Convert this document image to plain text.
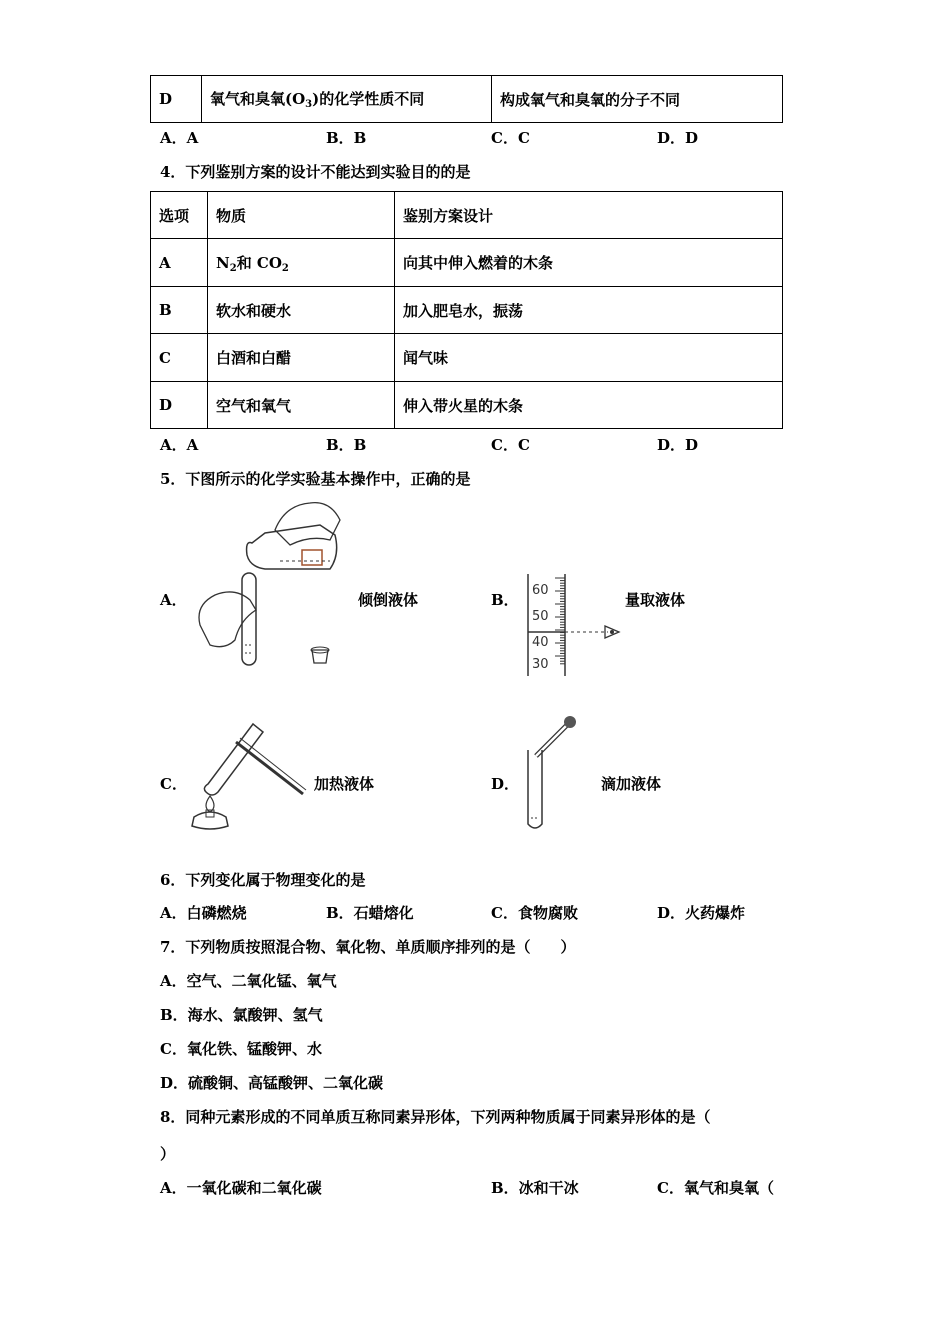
D	氧气和臭氧$(O_3)$的化学性质不同	构成氧气和臭氧的分子不同
A．A	B．B	C．C	D．D
4．下列鉴别方案的设计不能达到实验目的的是
选项	物质	鉴别方案设计
A	$N_2$和 $CO_2$	向其中伸入燃着的木条
B	软水和硬水	加入肥皂水，振荡
C	白酒和白醋	闻气味
D	空气和氧气	伸入带火星的木条
A．A	B．B	C．C	D．D
5．下图所示的化学实验基本操作中，正确的是
A．	倾倒液体	B．
60
50
40
30
量取液体
C．	加热液体	D．	滴加液体
6．下列变化属于物理变化的是
A．白磷燃烧	B．石蜡熔化	C．食物腐败	D．火药爆炸
7．下列物质按照混合物、氧化物、单质顺序排列的是（　　）
A．空气、二氧化锰、氧气
B．海水、氯酸钾、氢气
C．氧化铁、锰酸钾、水
D．硫酸铜、高锰酸钾、二氧化碳
8．同种元素形成的不同单质互称同素异形体，下列两种物质属于同素异形体的是（
）
A．一氧化碳和二氧化碳	B．冰和干冰	C．氧气和臭氧（
